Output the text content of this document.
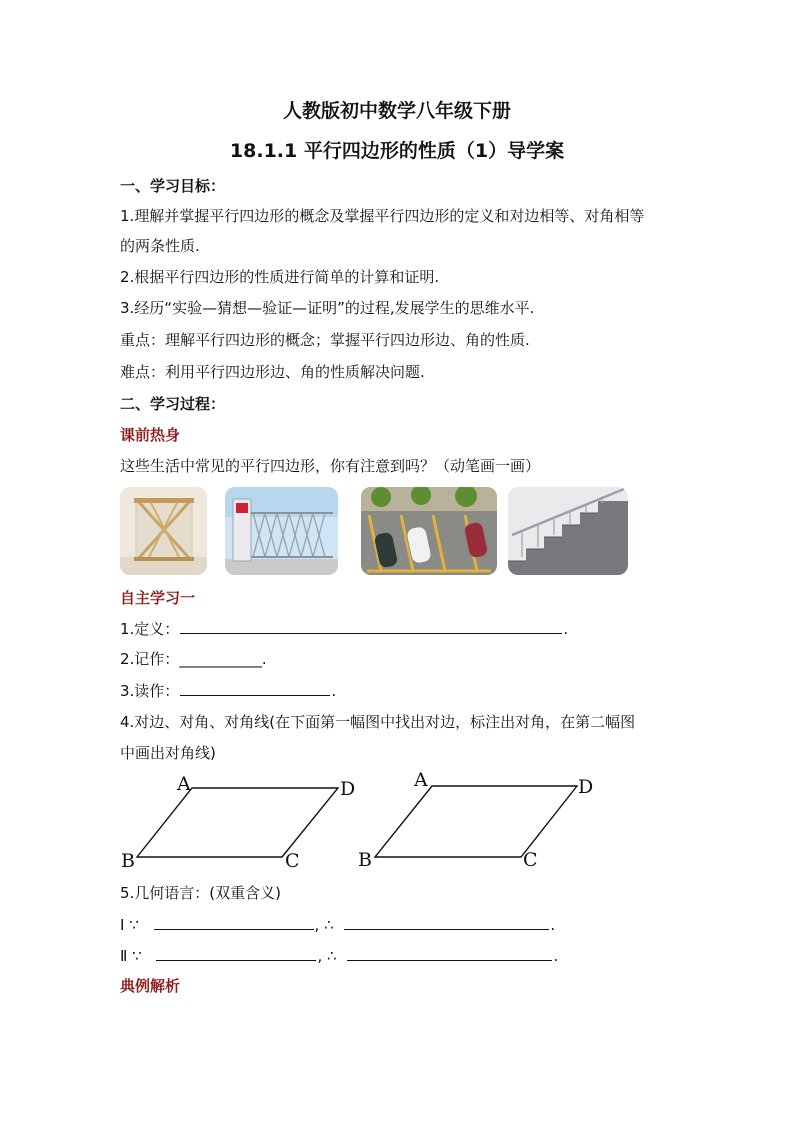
人教版初中数学八年级下册
18.1.1 平行四边形的性质（1）导学案
一、学习目标：
1.理解并掌握平行四边形的概念及掌握平行四边形的定义和对边相等、对角相等
的两条性质.
2.根据平行四边形的性质进行简单的计算和证明.
3.经历“实验—猜想—验证—证明”的过程,发展学生的思维水平.
重点：理解平行四边形的概念；掌握平行四边形边、角的性质.
难点：利用平行四边形边、角的性质解决问题.
二、学习过程：
课前热身
这些生活中常见的平行四边形，你有注意到吗？（动笔画一画）
自主学习一
1.定义：	.
2.记作：___________.
3.读作：	.
4.对边、对角、对角线(在下面第一幅图中找出对边，标注出对角，在第二幅图
中画出对角线)
A	D
B	C
A	D
B	C
5.几何语言：(双重含义)
Ⅰ ∵	, ∴	.
Ⅱ ∵	, ∴	.
典例解析
